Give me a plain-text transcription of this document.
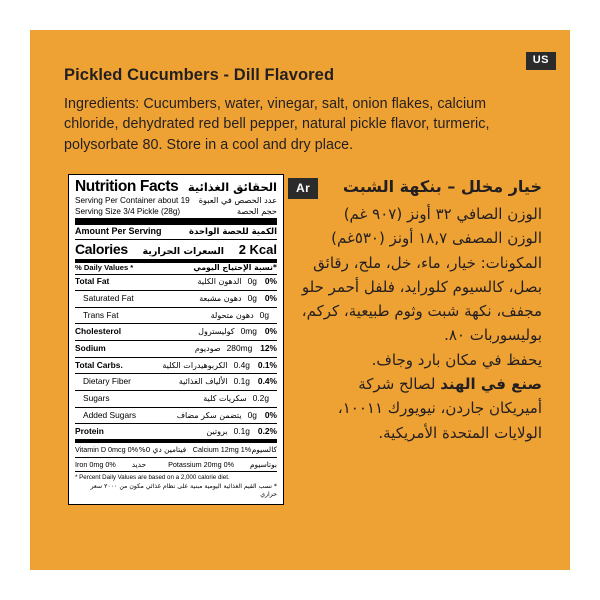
US
Pickled Cucumbers - Dill Flavored
Ingredients: Cucumbers, water, vinegar, salt, onion flakes, calcium chloride, dehydrated red bell pepper, natural pickle flavor, turmeric, polysorbate 80. Store in a cool and dry place.
Nutrition Facts الحقائق الغذائية
Serving Per Container about 19 عدد الحصص في العبوة
Serving Size 3/4 Pickle (28g)	حجم الحصة
Amount Per Serving	الكمية للحصة الواحدة
Calories السعرات الحرارية 2 Kcal
% Daily Values *	*نسبة الإحتياج اليومي
Total Fat	الدهون الكلية 0g 0%
Saturated Fat	دهون مشبعة 0g 0%
Trans Fat	دهون متحولة 0g
Cholesterol	كوليسترول 0mg 0%
Sodium	صوديوم 280mg 12%
Total Carbs.	الكربوهيدرات الكلية 0.4g 0.1%
Dietary Fiber	الألياف الغذائية 0.1g 0.4%
Sugars	سكريات كلية 0.2g
Added Sugars	يتضمن سكر مضاف 0g 0%
Protein	بروتين 0.1g 0.2%
Vitamin D 0mcg 0% فيتامين دي 0% Calcium 12mg 1% كالسيوم
Iron 0mg 0% حديد	Potassium 20mg 0% بوتاسيوم
* Percent Daily Values are based on a 2,000 calorie diet.
* نسب القيم الغذائية اليومية مبنية على نظام غذائي مكون من ٢٠٠٠ سعر حراري
Ar	خيار مخلل – بنكهة الشبت
الوزن الصافي ٣٢ أونز (٩٠٧ غم)
الوزن المصفى ١٨,٧ أونز (٥٣٠غم)
المكونات: خيار، ماء، خل، ملح، رقائق بصل، كالسيوم كلورايد، فلفل أحمر حلو مجفف، نكهة شبت وثوم طبيعية، كركم، بوليسوربات ٨٠.
يحفظ في مكان بارد وجاف.
صنع في الهند لصالح شركة
أميريكان جاردن، نيويورك ١٠٠١١،
الولايات المتحدة الأمريكية.
